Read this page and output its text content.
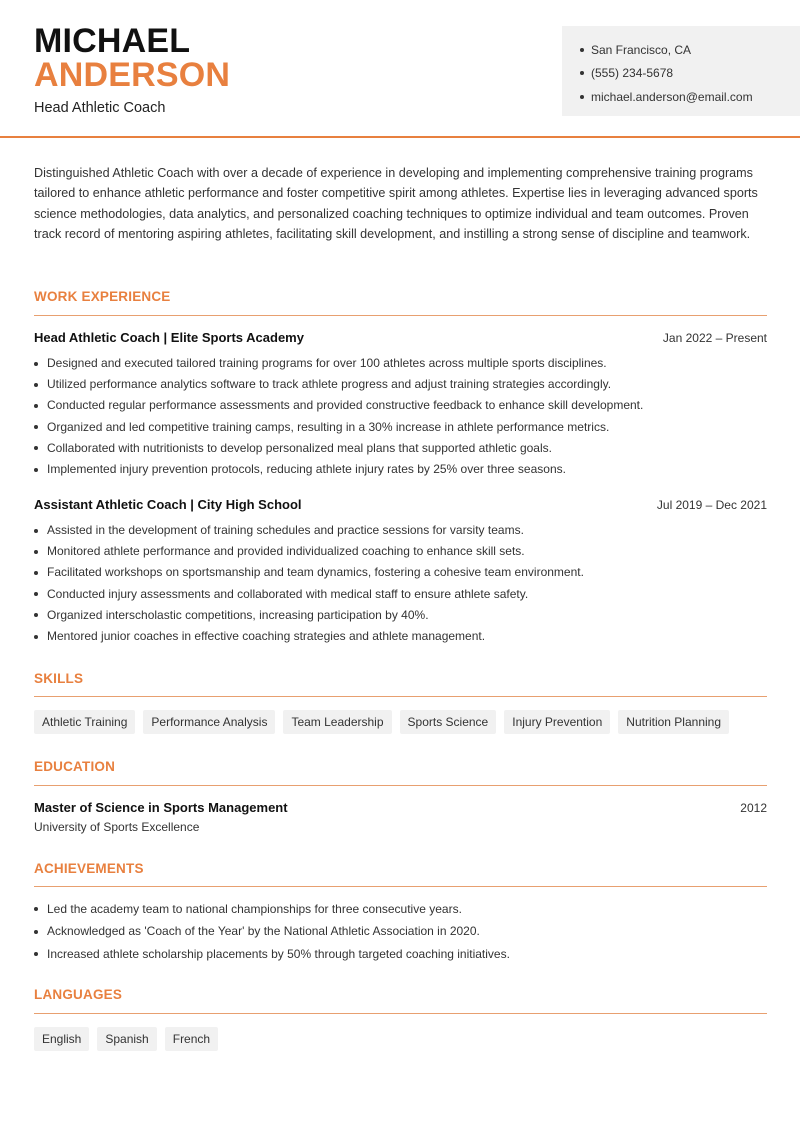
MICHAEL
ANDERSON
Head Athletic Coach
San Francisco, CA
(555) 234-5678
michael.anderson@email.com

Distinguished Athletic Coach with over a decade of experience in developing and implementing comprehensive training programs tailored to enhance athletic performance and foster competitive spirit among athletes. Expertise lies in leveraging advanced sports science methodologies, data analytics, and personalized coaching techniques to optimize individual and team outcomes. Proven track record of mentoring aspiring athletes, facilitating skill development, and instilling a strong sense of discipline and teamwork.

WORK EXPERIENCE
Head Athletic Coach | Elite Sports Academy	Jan 2022 – Present
Designed and executed tailored training programs for over 100 athletes across multiple sports disciplines.
Utilized performance analytics software to track athlete progress and adjust training strategies accordingly.
Conducted regular performance assessments and provided constructive feedback to enhance skill development.
Organized and led competitive training camps, resulting in a 30% increase in athlete performance metrics.
Collaborated with nutritionists to develop personalized meal plans that supported athletic goals.
Implemented injury prevention protocols, reducing athlete injury rates by 25% over three seasons.
Assistant Athletic Coach | City High School	Jul 2019 – Dec 2021
Assisted in the development of training schedules and practice sessions for varsity teams.
Monitored athlete performance and provided individualized coaching to enhance skill sets.
Facilitated workshops on sportsmanship and team dynamics, fostering a cohesive team environment.
Conducted injury assessments and collaborated with medical staff to ensure athlete safety.
Organized interscholastic competitions, increasing participation by 40%.
Mentored junior coaches in effective coaching strategies and athlete management.
SKILLS
Athletic Training	Performance Analysis	Team Leadership	Sports Science	Injury Prevention	Nutrition Planning
EDUCATION
Master of Science in Sports Management	2012
University of Sports Excellence
ACHIEVEMENTS
Led the academy team to national championships for three consecutive years.
Acknowledged as 'Coach of the Year' by the National Athletic Association in 2020.
Increased athlete scholarship placements by 50% through targeted coaching initiatives.
LANGUAGES
English	Spanish	French
